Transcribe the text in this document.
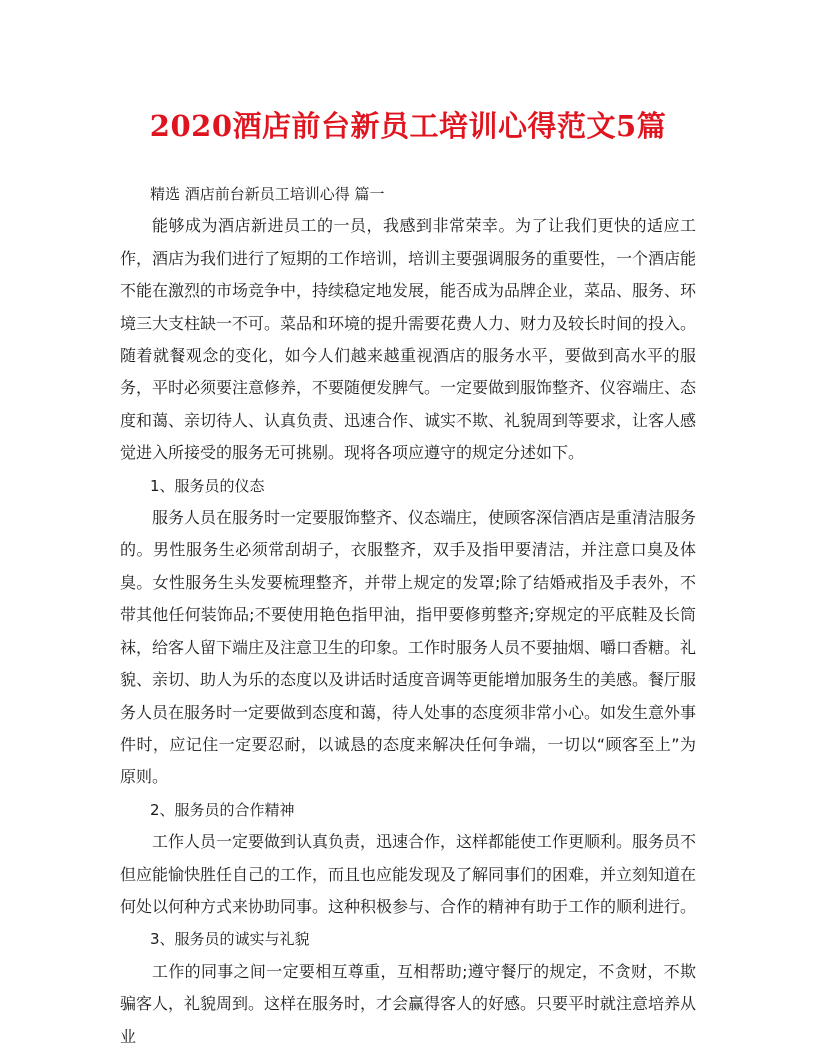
2020酒店前台新员工培训心得范文5篇

精选 酒店前台新员工培训心得 篇一

能够成为酒店新进员工的一员，我感到非常荣幸。为了让我们更快的适应工作，酒店为我们进行了短期的工作培训，培训主要强调服务的重要性，一个酒店能不能在激烈的市场竞争中，持续稳定地发展，能否成为品牌企业，菜品、服务、环境三大支柱缺一不可。菜品和环境的提升需要花费人力、财力及较长时间的投入。随着就餐观念的变化，如今人们越来越重视酒店的服务水平，要做到高水平的服务，平时必须要注意修养，不要随便发脾气。一定要做到服饰整齐、仪容端庄、态度和蔼、亲切待人、认真负责、迅速合作、诚实不欺、礼貌周到等要求，让客人感觉进入所接受的服务无可挑剔。现将各项应遵守的规定分述如下。

1、服务员的仪态

服务人员在服务时一定要服饰整齐、仪态端庄，使顾客深信酒店是重清洁服务的。男性服务生必须常刮胡子，衣服整齐，双手及指甲要清洁，并注意口臭及体臭。女性服务生头发要梳理整齐，并带上规定的发罩;除了结婚戒指及手表外，不带其他任何装饰品;不要使用艳色指甲油，指甲要修剪整齐;穿规定的平底鞋及长筒袜，给客人留下端庄及注意卫生的印象。工作时服务人员不要抽烟、嚼口香糖。礼貌、亲切、助人为乐的态度以及讲话时适度音调等更能增加服务生的美感。餐厅服务人员在服务时一定要做到态度和蔼，待人处事的态度须非常小心。如发生意外事件时，应记住一定要忍耐，以诚恳的态度来解决任何争端，一切以“顾客至上”为原则。

2、服务员的合作精神

工作人员一定要做到认真负责，迅速合作，这样都能使工作更顺利。服务员不但应能愉快胜任自己的工作，而且也应能发现及了解同事们的困难，并立刻知道在何处以何种方式来协助同事。这种积极参与、合作的精神有助于工作的顺利进行。

3、服务员的诚实与礼貌

工作的同事之间一定要相互尊重，互相帮助;遵守餐厅的规定，不贪财，不欺骗客人，礼貌周到。这样在服务时，才会赢得客人的好感。只要平时就注意培养从业
